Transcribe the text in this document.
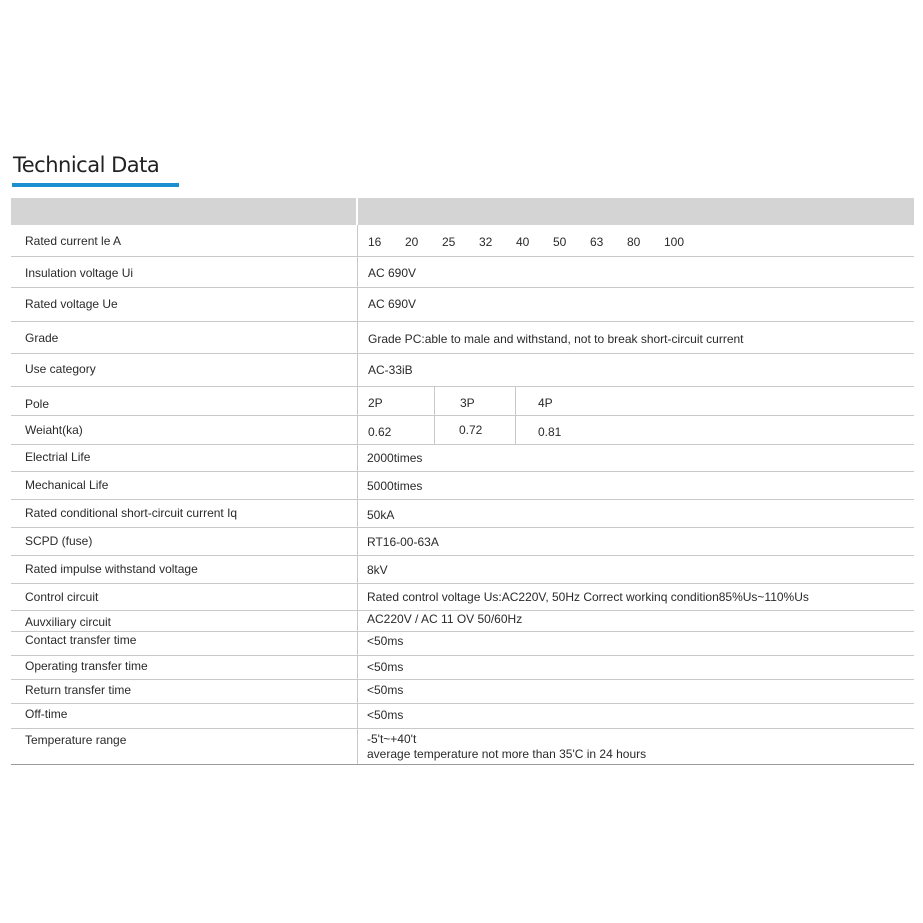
Technical Data
Rated current le A	16 20 25 32 40 50 63 80 100
Insulation voltage Ui	AC 690V
Rated voltage Ue	AC 690V
Grade	Grade PC:able to male and withstand, not to break short-circuit current
Use category	AC-33iB
Pole	2P	3P	4P
Weiaht(ka)	0.62	0.72	0.81
Electrial Life	2000times
Mechanical Life	5000times
Rated conditional short-circuit current Iq	50kA
SCPD (fuse)	RT16-00-63A
Rated impulse withstand voltage	8kV
Control circuit	Rated control voltage Us:AC220V, 50Hz Correct workinq condition85%Us~110%Us
Auvxiliary circuit	AC220V / AC 11 OV 50/60Hz
Contact transfer time	<50ms
Operating transfer time	<50ms
Return transfer time	<50ms
Off-time	<50ms
Temperature range	-5't~+40't
average temperature not more than 35'C in 24 hours
